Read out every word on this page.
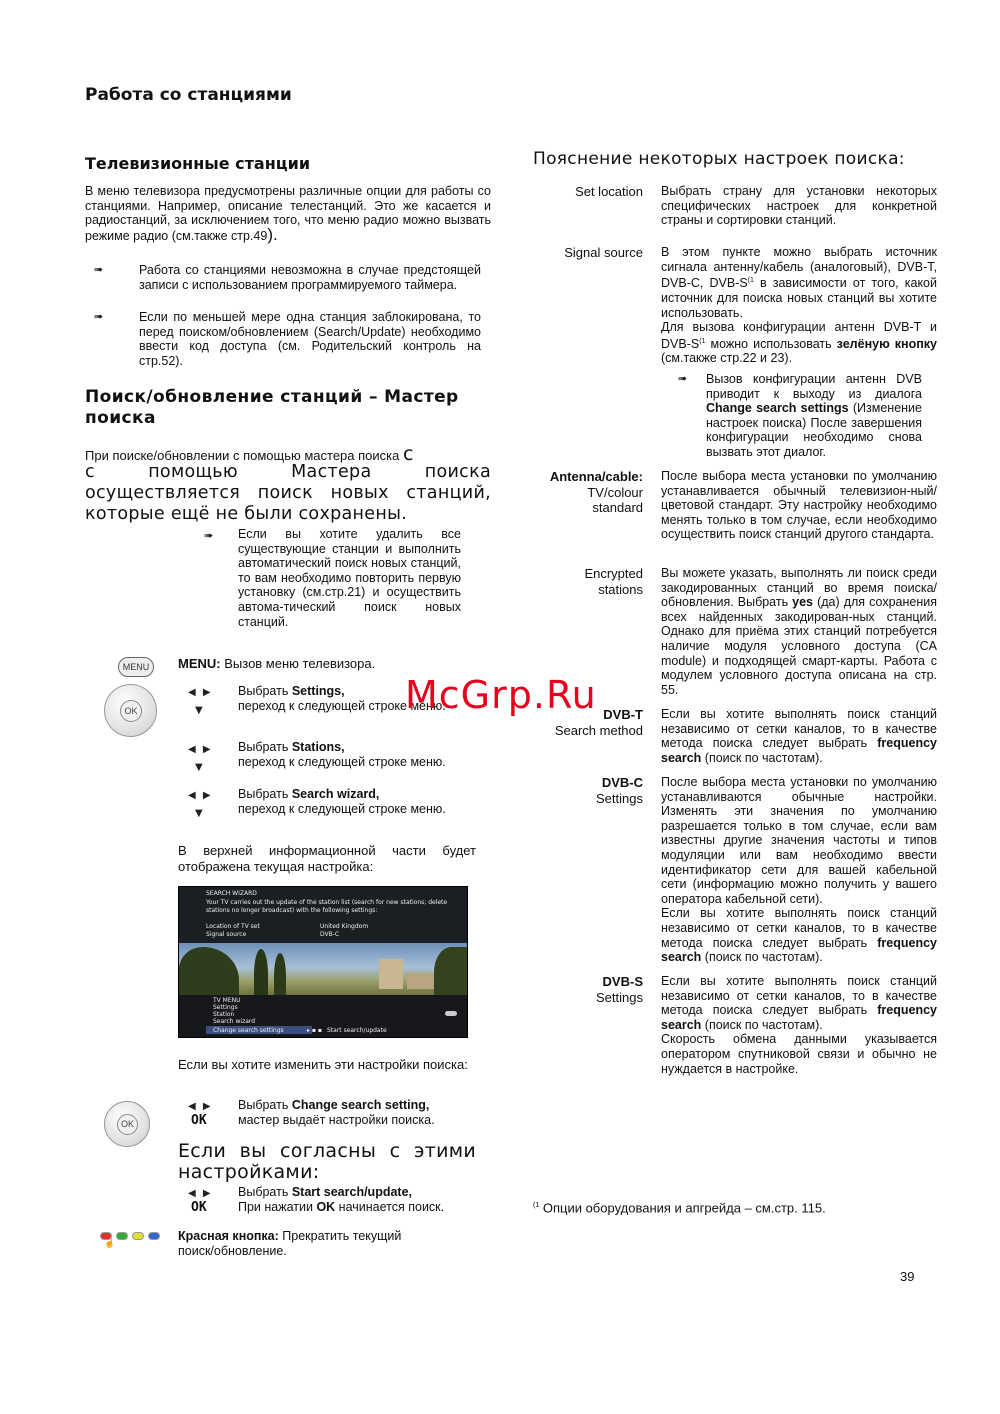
Работа со станциями
Телевизионные станции
В меню телевизора предусмотрены различные опции для работы со станциями. Например, описание телестанций. Это же касается и радиостанций, за исключением того, что меню радио можно вызвать режиме радио (см.также стр.49).
➠	Работа со станциями невозможна в случае предстоящей записи с использованием программируемого таймера.
➠	Если по меньшей мере одна станция заблокирована, то перед поиском/обновлением (Search/Update) необходимо ввести код доступа (см. Родительский контроль на стр.52).
Поиск/обновление станций – Мастер поиска
При поиске/обновлении с помощью мастера поиска с
с помощью Мастера поиска осуществляется поиск новых станций, которые ещё не были сохранены.
➠ Если вы хотите удалить все существующие станции и выполнить автоматический поиск новых станций, то вам необходимо повторить первую установку (см.стр.21) и осуществить автома-тический поиск новых станций.
MENU	MENU: Вызов меню телевизора.
OK
◀ ▶
▼
Выбрать Settings,
переход к следующей строке меню.
◀ ▶
▼
Выбрать Stations,
переход к следующей строке меню.
◀ ▶
▼
Выбрать Search wizard,

переход к следующей строке меню.
В верхней информационной части будет отображена текущая настройка:
SEARCH WIZARD
Your TV carries out the update of the station list (search for new stations; delete stations no longer broadcast) with the following settings:
Location of TV set	United Kingdom
Signal source	DVB-C
TV MENU
Settings
Station
Search wizard
Change search settings	▸ ▪ ▪ Start search/update
Если вы хотите изменить эти настройки поиска:
OK
◀ ▶
OK
Выбрать Change search setting,
мастер выдаёт настройки поиска.
Если вы согласны с этими настройками:
◀ ▶
OK
Выбрать Start search/update,
При нажатии OK начинается поиск.
☝	Красная кнопка: Прекратить текущий поиск/обновление.
Пояснение некоторых настроек поиска:
Set location Выбрать страну для установки некоторых специфических настроек для конкретной страны и сортировки станций.
Signal source В этом пункте можно выбрать источник сигнала антенну/кабель (аналоговый), DVB-T, DVB-C, DVB-$S^{(1}$ в зависимости от того, какой источник для поиска новых станций вы хотите использовать.
Для вызова конфигурации антенн DVB-T и DVB-$S^{(1}$ можно использовать зелёную кнопку (см.также стр.22 и 23).
➠ Вызов конфигурации антенн DVB приводит к выходу из диалога Change search settings (Изменение настроек поиска) После завершения конфигурации необходимо снова вызвать этот диалог.
Antenna/cable:
TV/colour standard
После выбора места установки по умолчанию устанавливается обычный телевизион-ный/цветовой стандарт. Эту настройку необходимо менять только в том случае, если необходимо осуществить поиск станций другого стандарта.
Encrypted stations
Вы можете указать, выполнять ли поиск среди закодированных станций во время поиска/обновления. Выбрать yes (да) для сохранения всех найденных закодирован-ных станций. Однако для приёма этих станций потребуется наличие модуля условного доступа (CA module) и подходящей смарт-карты. Работа с модулем условного доступа описана на стр. 55.
DVB-T
Search method
Если вы хотите выполнять поиск станций независимо от сетки каналов, то в качестве метода поиска следует выбрать frequency search (поиск по частотам).
DVB-C
Settings
После выбора места установки по умолчанию устанавливаются обычные настройки. Изменять эти значения по умолчанию разрешается только в том случае, если вам известны другие значения частоты и типов модуляции или вам необходимо ввести идентификатор сети для вашей кабельной сети (информацию можно получить у вашего оператора кабельной сети).
Если вы хотите выполнять поиск станций независимо от сетки каналов, то в качестве метода поиска следует выбрать frequency search (поиск по частотам).
DVB-S
Settings
Если вы хотите выполнять поиск станций независимо от сетки каналов, то в качестве метода поиска следует выбрать frequency search (поиск по частотам).
Скорость обмена данными указывается оператором спутниковой связи и обычно не нуждается в настройке.
$^{(1}$ Опции оборудования и апгрейда – см.стр. 115.
McGrp.Ru
39
